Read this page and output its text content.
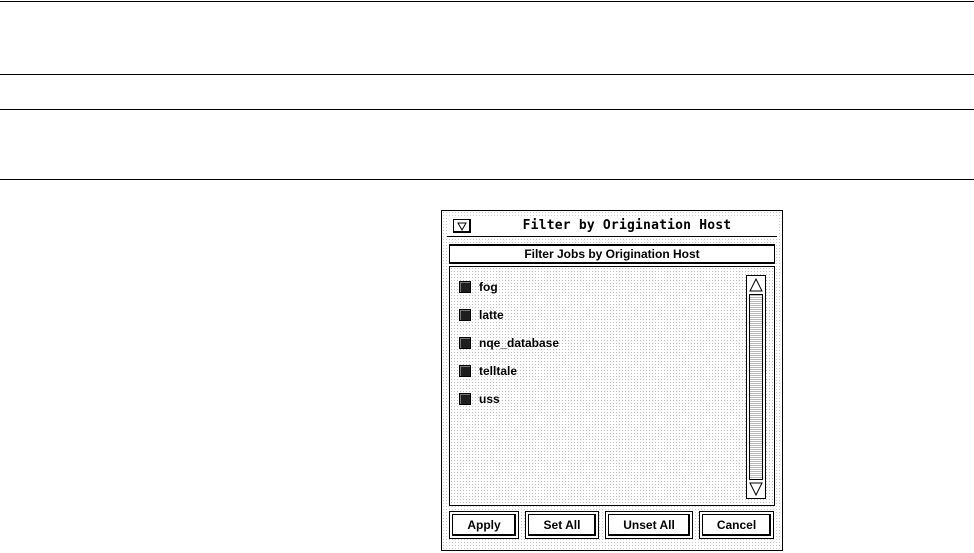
Filter by Origination Host
Filter Jobs by Origination Host
fog
latte
nqe_database
telltale
uss
Apply	Set All	Unset All	Cancel
